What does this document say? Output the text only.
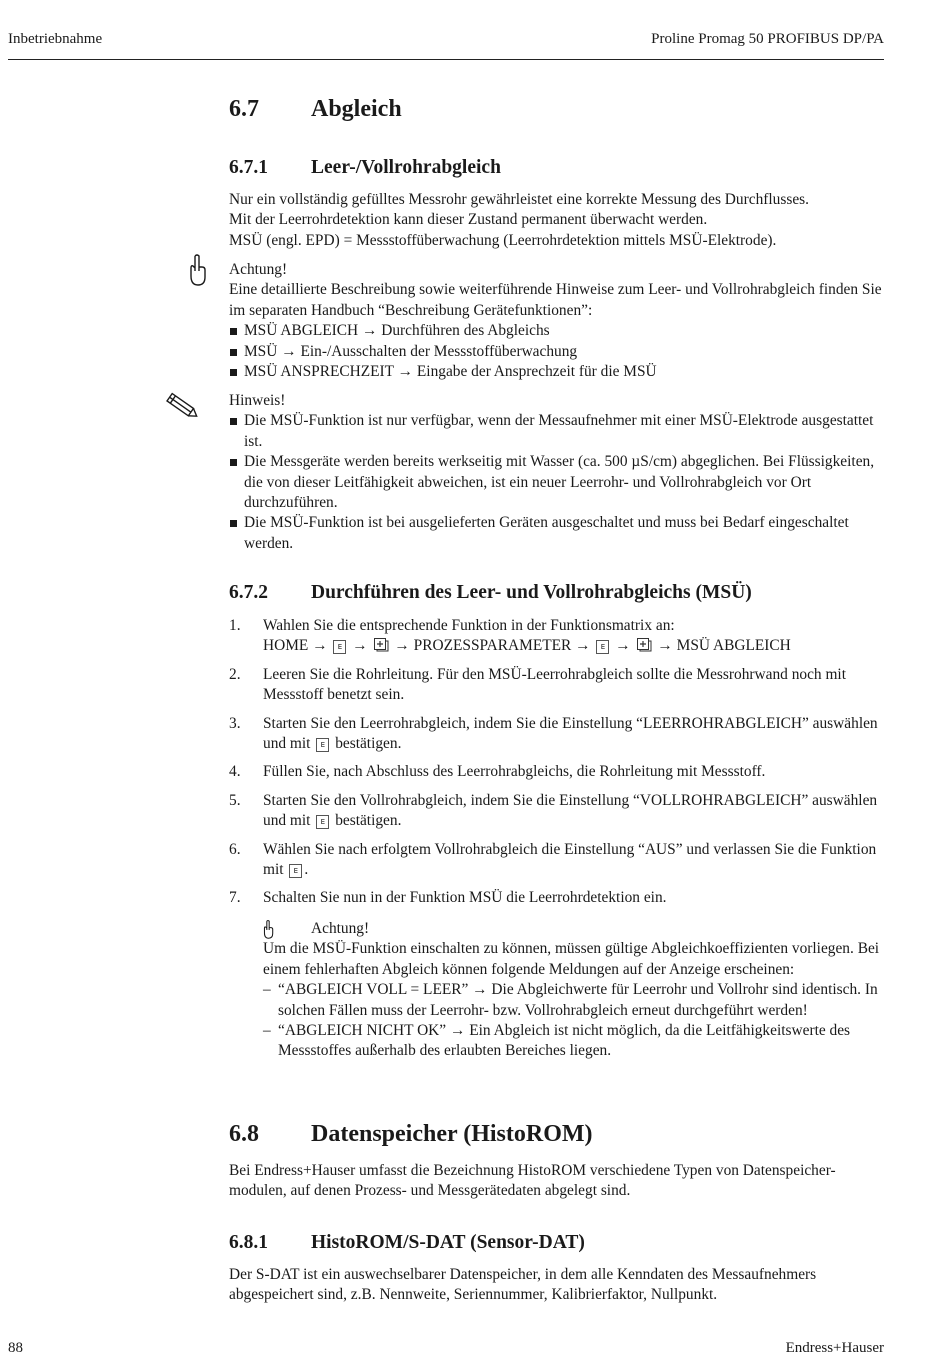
Inbetriebnahme	Proline Promag 50 PROFIBUS DP/PA
6.7 Abgleich
6.7.1 Leer-/Vollrohrabgleich

Nur ein vollständig gefülltes Messrohr gewährleistet eine korrekte Messung des Durchflusses.

Mit der Leerrohrdetektion kann dieser Zustand permanent überwacht werden.

MSÜ (engl. EPD) = Messstoffüberwachung (Leerrohrdetektion mittels MSÜ-Elektrode).

Achtung!

Eine detaillierte Beschreibung sowie weiterführende Hinweise zum Leer- und Vollrohrabgleich finden Sie im separaten Handbuch “Beschreibung Gerätefunktionen”:

MSÜ ABGLEICH → Durchführen des Abgleichs
MSÜ → Ein-/Ausschalten der Messstoffüberwachung
MSÜ ANSPRECHZEIT → Eingabe der Ansprechzeit für die MSÜ

Hinweis!

Die MSÜ-Funktion ist nur verfügbar, wenn der Messaufnehmer mit einer MSÜ-Elektrode ausgestattet ist.
Die Messgeräte werden bereits werkseitig mit Wasser (ca. 500 µS/cm) abgeglichen. Bei Flüssigkeiten, die von dieser Leitfähigkeit abweichen, ist ein neuer Leerrohr- und Vollrohrabgleich vor Ort durchzuführen.
Die MSÜ-Funktion ist bei ausgelieferten Geräten ausgeschaltet und muss bei Bedarf eingeschaltet werden.
6.7.2 Durchführen des Leer- und Vollrohrabgleichs (MSÜ)
1. Wahlen Sie die entsprechende Funktion in der Funktionsmatrix an:
HOME → E → → PROZESSPARAMETER → E → → MSÜ ABGLEICH
2. Leeren Sie die Rohrleitung. Für den MSÜ-Leerrohrabgleich sollte die Messrohrwand noch mit Messstoff benetzt sein.
3. Starten Sie den Leerrohrabgleich, indem Sie die Einstellung “LEERROHRABGLEICH” auswählen und mit E bestätigen.
4. Füllen Sie, nach Abschluss des Leerrohrabgleichs, die Rohrleitung mit Messstoff.
5. Starten Sie den Vollrohrabgleich, indem Sie die Einstellung “VOLLROHRABGLEICH” auswählen und mit E bestätigen.
6. Wählen Sie nach erfolgtem Vollrohrabgleich die Einstellung “AUS” und verlassen Sie die Funktion mit E .
7. Schalten Sie nun in der Funktion MSÜ die Leerrohrdetektion ein.

Achtung!

Um die MSÜ-Funktion einschalten zu können, müssen gültige Abgleichkoeffizienten vorliegen. Bei einem fehlerhaften Abgleich können folgende Meldungen auf der Anzeige erscheinen:

– “ABGLEICH VOLL = LEER” → Die Abgleichwerte für Leerrohr und Vollrohr sind identisch. In solchen Fällen muss der Leerrohr- bzw. Vollrohrabgleich erneut durchgeführt werden!
– “ABGLEICH NICHT OK” → Ein Abgleich ist nicht möglich, da die Leitfähigkeitswerte des Messstoffes außerhalb des erlaubten Bereiches liegen.
6.8 Datenspeicher (HistoROM)
Bei Endress+Hauser umfasst die Bezeichnung HistoROM verschiedene Typen von Datenspeicher-modulen, auf denen Prozess- und Messgerätedaten abgelegt sind.
6.8.1 HistoROM/S-DAT (Sensor-DAT)
Der S-DAT ist ein auswechselbarer Datenspeicher, in dem alle Kenndaten des Messaufnehmers abgespeichert sind, z.B. Nennweite, Seriennummer, Kalibrierfaktor, Nullpunkt.
88	Endress+Hauser
